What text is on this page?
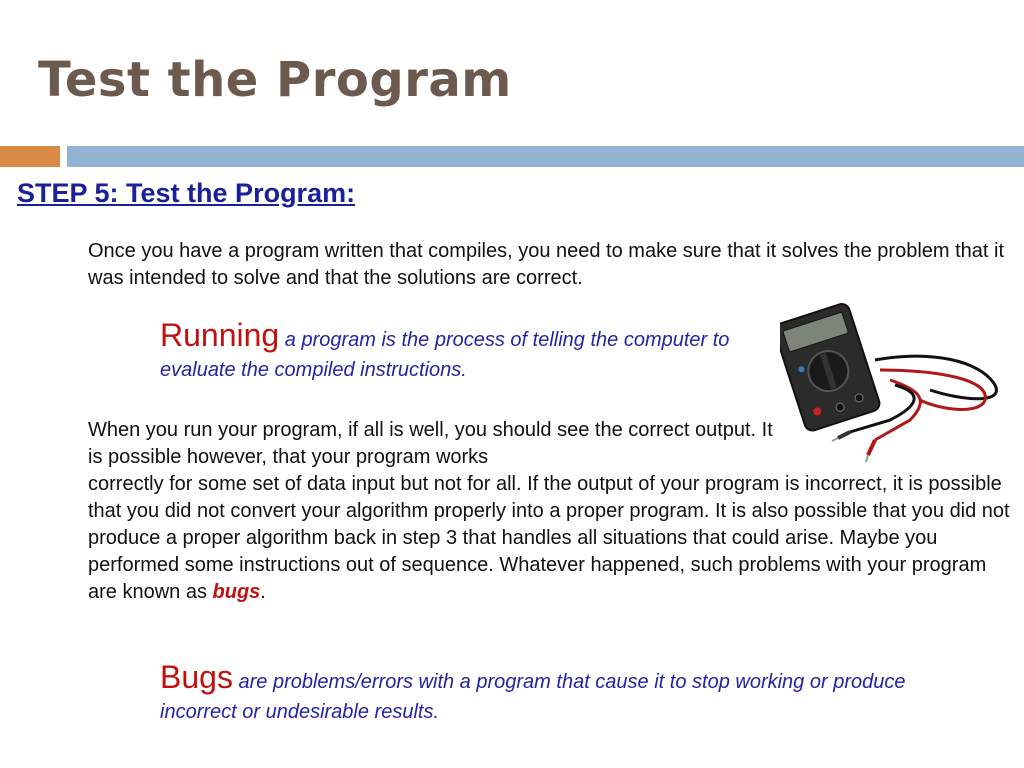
Test the Program
STEP 5: Test the Program:

Once you have a program written that compiles, you need to make sure that it solves the problem that it was intended to solve and that the solutions are correct.

Running a program is the process of telling the computer to evaluate the compiled instructions.

When you run your program, if all is well, you should see the correct output. It is possible however, that your program works

correctly for some set of data input but not for all. If the output of your program is incorrect, it is possible that you did not convert your algorithm properly into a proper program. It is also possible that you did not produce a proper algorithm back in step 3 that handles all situations that could arise. Maybe you performed some instructions out of sequence. Whatever happened, such problems with your program are known as bugs.

Bugs are problems/errors with a program that cause it to stop working or produce incorrect or undesirable results.
